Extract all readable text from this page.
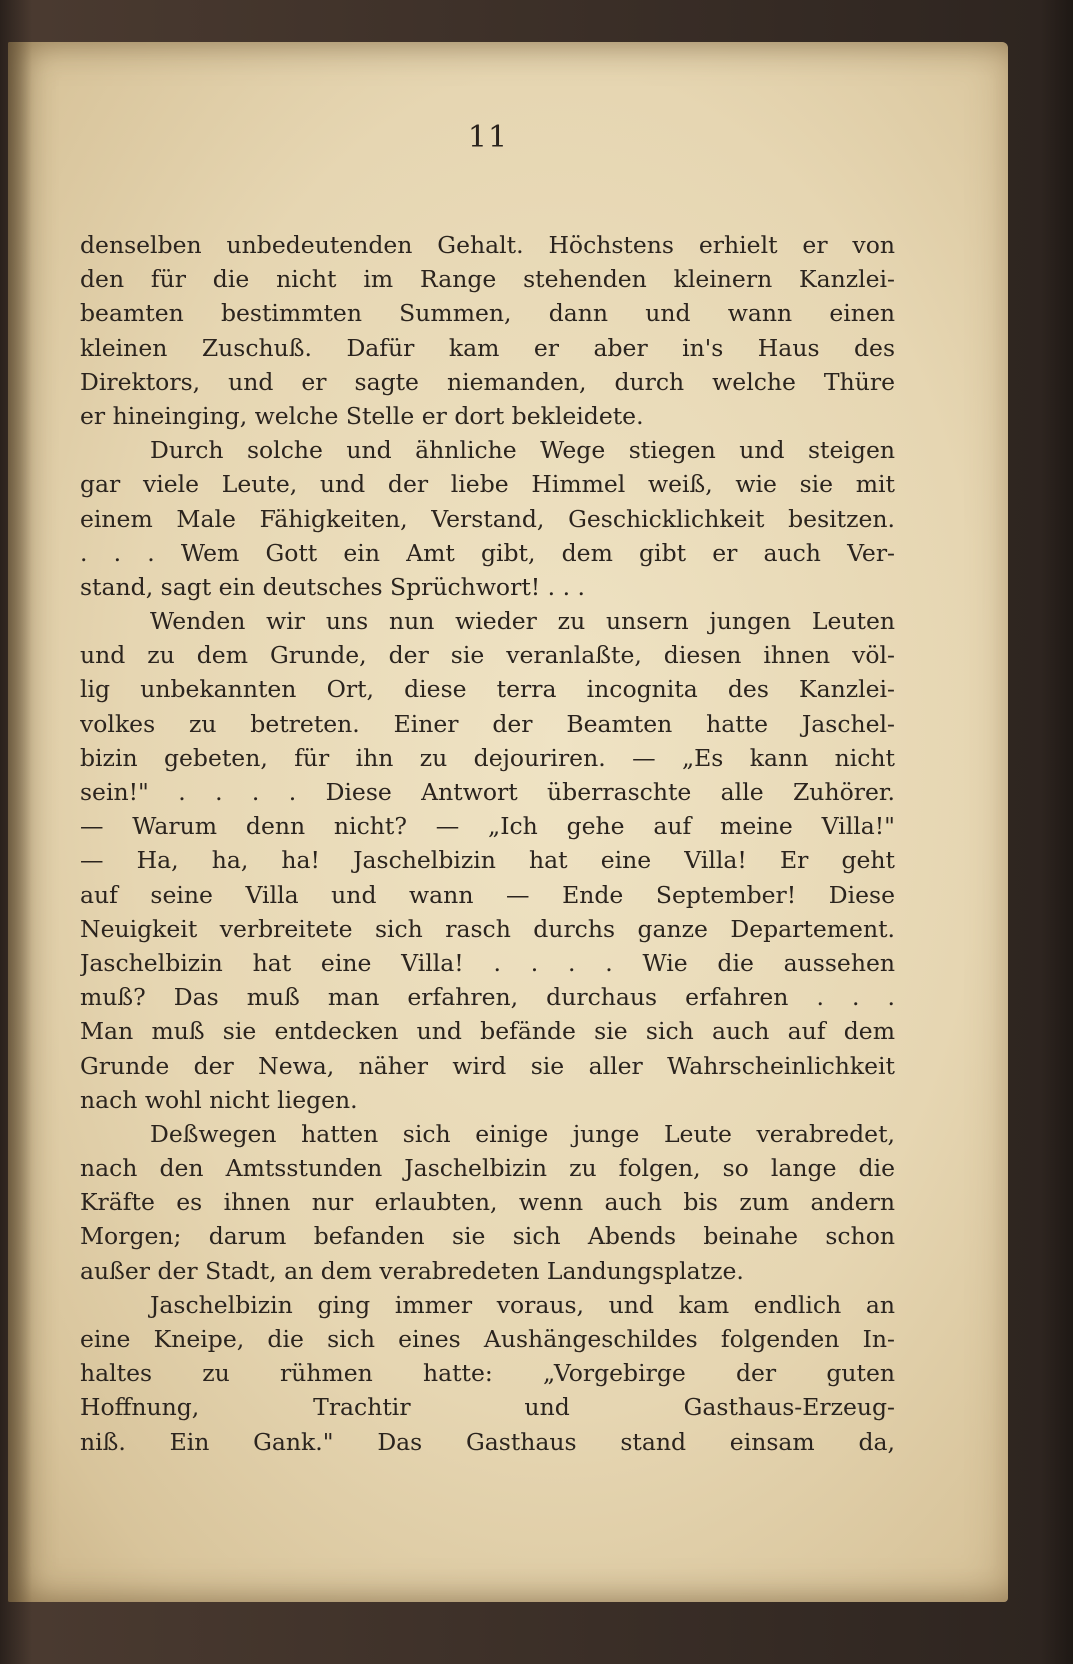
11
denselben unbedeutenden Gehalt. Höchstens erhielt er von
den für die nicht im Range stehenden kleinern Kanzlei-
beamten bestimmten Summen, dann und wann einen
kleinen Zuschuß. Dafür kam er aber in's Haus des
Direktors, und er sagte niemanden, durch welche Thüre
er hineinging, welche Stelle er dort bekleidete.
Durch solche und ähnliche Wege stiegen und steigen
gar viele Leute, und der liebe Himmel weiß, wie sie mit
einem Male Fähigkeiten, Verstand, Geschicklichkeit besitzen.
. . . Wem Gott ein Amt gibt, dem gibt er auch Ver-
stand, sagt ein deutsches Sprüchwort! . . .
Wenden wir uns nun wieder zu unsern jungen Leuten
und zu dem Grunde, der sie veranlaßte, diesen ihnen völ-
lig unbekannten Ort, diese terra incognita des Kanzlei-
volkes zu betreten. Einer der Beamten hatte Jaschel-
bizin gebeten, für ihn zu dejouriren. — „Es kann nicht
sein!" . . . . Diese Antwort überraschte alle Zuhörer.
— Warum denn nicht? — „Ich gehe auf meine Villa!"
— Ha, ha, ha! Jaschelbizin hat eine Villa! Er geht
auf seine Villa und wann — Ende September! Diese
Neuigkeit verbreitete sich rasch durchs ganze Departement.
Jaschelbizin hat eine Villa! . . . . Wie die aussehen
muß? Das muß man erfahren, durchaus erfahren . . .
Man muß sie entdecken und befände sie sich auch auf dem
Grunde der Newa, näher wird sie aller Wahrscheinlichkeit
nach wohl nicht liegen.
Deßwegen hatten sich einige junge Leute verabredet,
nach den Amtsstunden Jaschelbizin zu folgen, so lange die
Kräfte es ihnen nur erlaubten, wenn auch bis zum andern
Morgen; darum befanden sie sich Abends beinahe schon
außer der Stadt, an dem verabredeten Landungsplatze.
Jaschelbizin ging immer voraus, und kam endlich an
eine Kneipe, die sich eines Aushängeschildes folgenden In-
haltes zu rühmen hatte: „Vorgebirge der guten
Hoffnung, Trachtir und Gasthaus-Erzeug-
niß. Ein Gank." Das Gasthaus stand einsam da,
